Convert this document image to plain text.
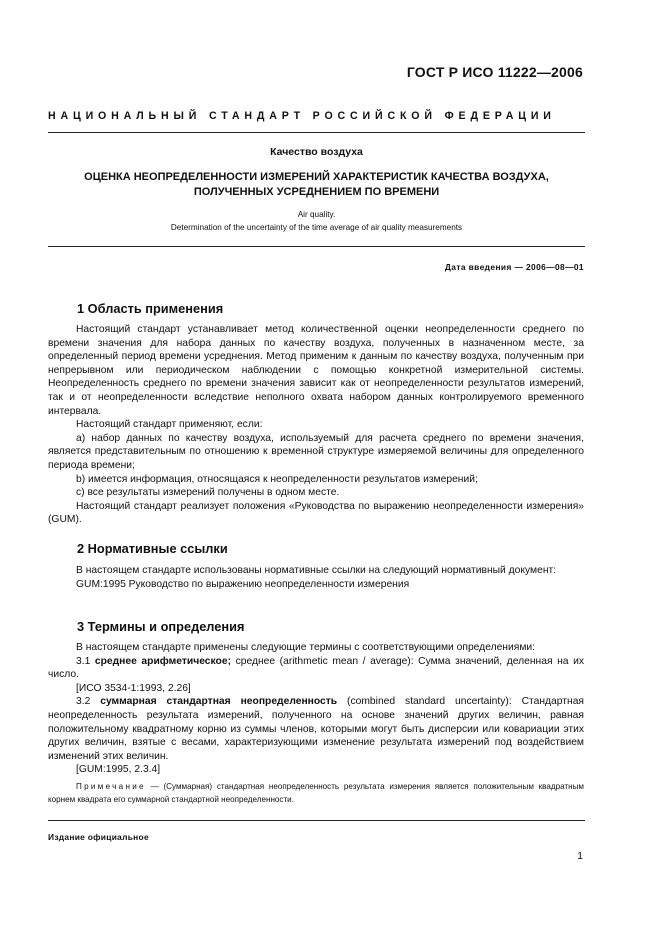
ГОСТ Р ИСО 11222—2006
НАЦИОНАЛЬНЫЙ СТАНДАРТ РОССИЙСКОЙ ФЕДЕРАЦИИ
Качество воздуха
ОЦЕНКА НЕОПРЕДЕЛЕННОСТИ ИЗМЕРЕНИЙ ХАРАКТЕРИСТИК КАЧЕСТВА ВОЗДУХА,
ПОЛУЧЕННЫХ УСРЕДНЕНИЕМ ПО ВРЕМЕНИ
Air quality.
Determination of the uncertainty of the time average of air quality measurements
Дата введения — 2006—08—01
1 Область применения

Настоящий стандарт устанавливает метод количественной оценки неопределенности среднего по времени значения для набора данных по качеству воздуха, полученных в назначенном месте, за определенный период времени усреднения. Метод применим к данным по качеству воздуха, полученным при непрерывном или периодическом наблюдении с помощью конкретной измерительной системы. Неопределенность среднего по времени значения зависит как от неопределенности результатов измерений, так и от неопределенности вследствие неполного охвата набором данных контролируемого временного интервала.

Настоящий стандарт применяют, если:

а) набор данных по качеству воздуха, используемый для расчета среднего по времени значения, является представительным по отношению к временной структуре измеряемой величины для определенного периода времени;

b) имеется информация, относящаяся к неопределенности результатов измерений;

с) все результаты измерений получены в одном месте.

Настоящий стандарт реализует положения «Руководства по выражению неопределенности измерения» (GUM).

2 Нормативные ссылки

В настоящем стандарте использованы нормативные ссылки на следующий нормативный документ:

GUM:1995 Руководство по выражению неопределенности измерения

3 Термины и определения

В настоящем стандарте применены следующие термины с соответствующими определениями:

3.1 среднее арифметическое; среднее (arithmetic mean / average): Сумма значений, деленная на их число.

[ИСО 3534-1:1993, 2.26]

3.2 суммарная стандартная неопределенность (combined standard uncertainty): Стандартная неопределенность результата измерений, полученного на основе значений других величин, равная положительному квадратному корню из суммы членов, которыми могут быть дисперсии или ковариации этих других величин, взятые с весами, характеризующими изменение результата измерений под воздействием изменений этих величин.

[GUM:1995, 2.3.4]

Примечание — (Суммарная) стандартная неопределенность результата измерения является положительным квадратным корнем квадрата его суммарной стандартной неопределенности.
Издание официальное
1
